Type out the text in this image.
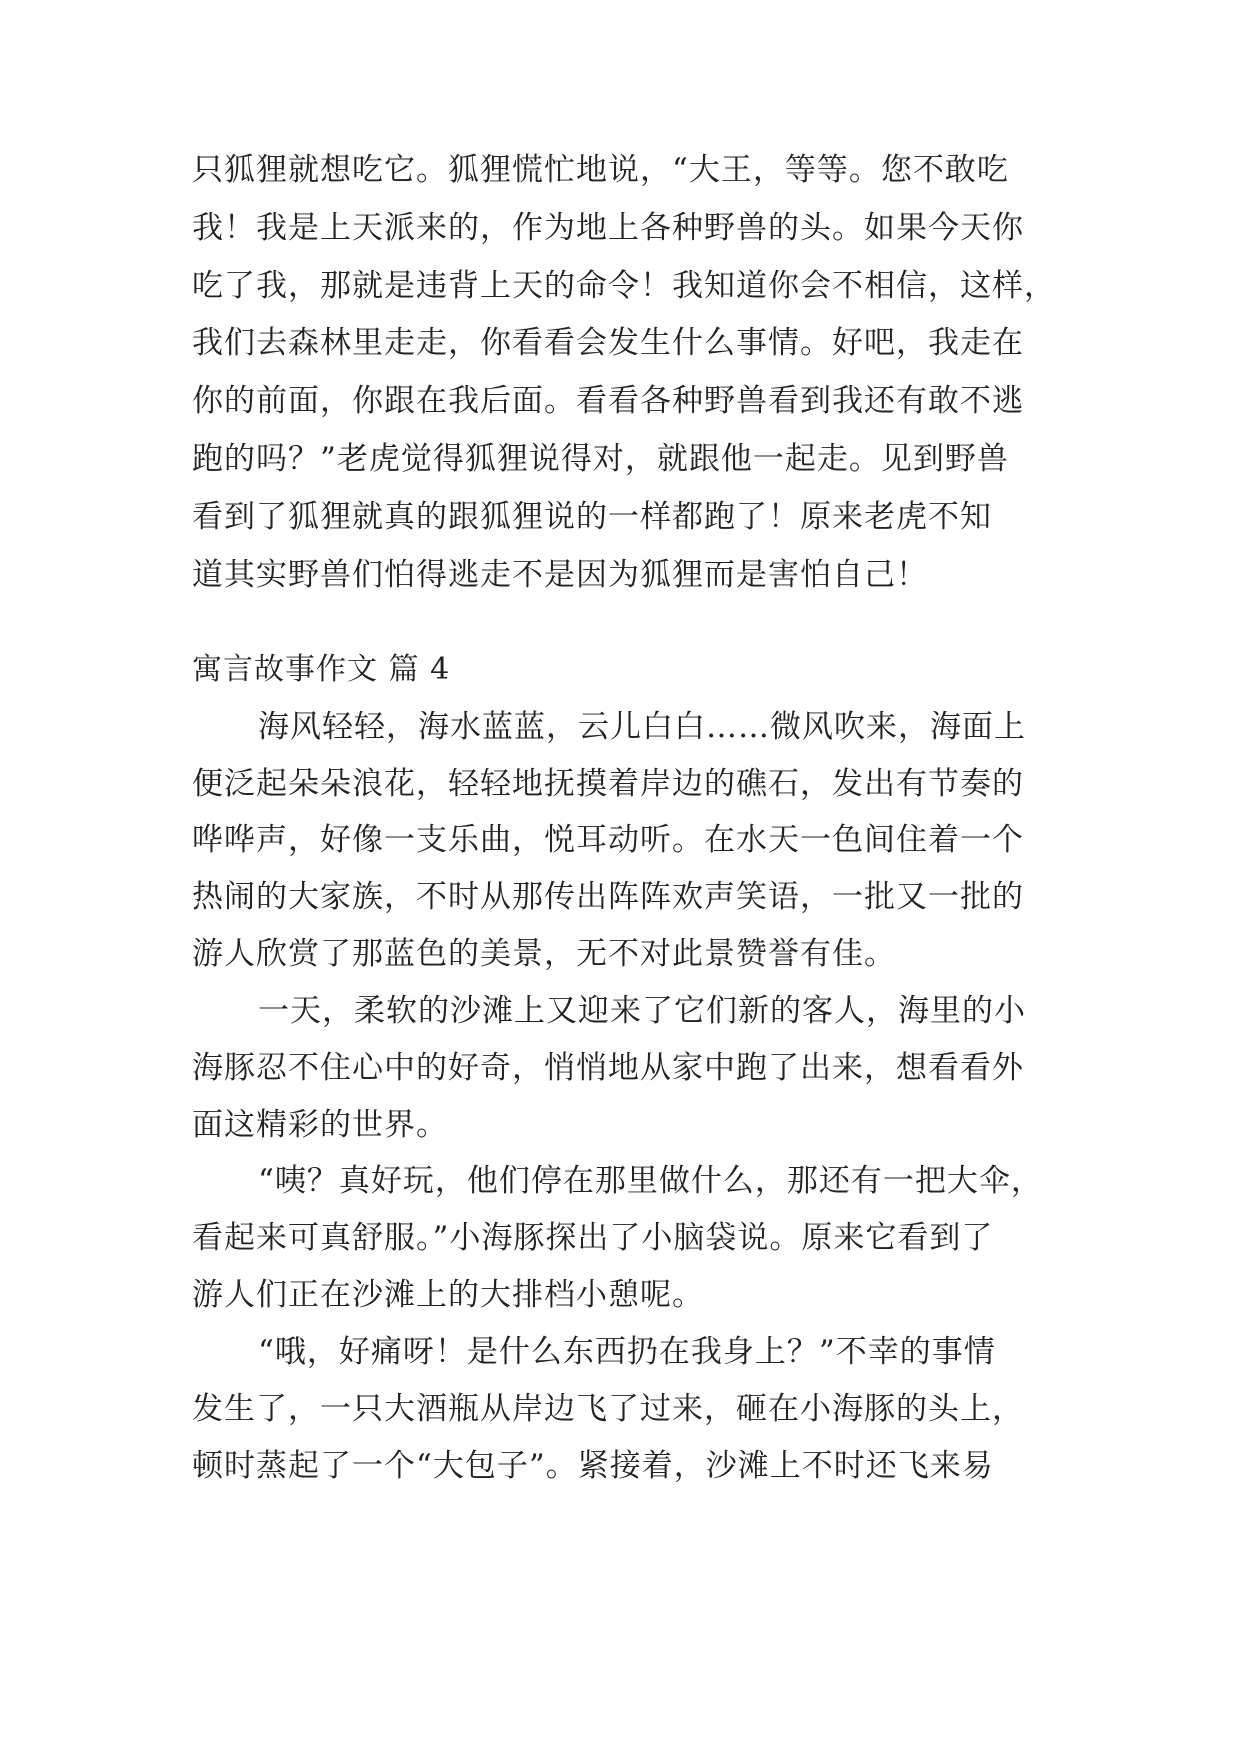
只狐狸就想吃它。狐狸慌忙地说，“大王，等等。您不敢吃
我！我是上天派来的，作为地上各种野兽的头。如果今天你
吃了我，那就是违背上天的命令！我知道你会不相信，这样，
我们去森林里走走，你看看会发生什么事情。好吧，我走在
你的前面，你跟在我后面。看看各种野兽看到我还有敢不逃
跑的吗？”老虎觉得狐狸说得对，就跟他一起走。见到野兽
看到了狐狸就真的跟狐狸说的一样都跑了！原来老虎不知
道其实野兽们怕得逃走不是因为狐狸而是害怕自己！
寓言故事作文 篇 4
海风轻轻，海水蓝蓝，云儿白白……微风吹来，海面上
便泛起朵朵浪花，轻轻地抚摸着岸边的礁石，发出有节奏的
哗哗声，好像一支乐曲，悦耳动听。在水天一色间住着一个
热闹的大家族，不时从那传出阵阵欢声笑语，一批又一批的
游人欣赏了那蓝色的美景，无不对此景赞誉有佳。
一天，柔软的沙滩上又迎来了它们新的客人，海里的小
海豚忍不住心中的好奇，悄悄地从家中跑了出来，想看看外
面这精彩的世界。
“咦？真好玩，他们停在那里做什么，那还有一把大伞，
看起来可真舒服。”小海豚探出了小脑袋说。原来它看到了
游人们正在沙滩上的大排档小憩呢。
“哦，好痛呀！是什么东西扔在我身上？”不幸的事情
发生了，一只大酒瓶从岸边飞了过来，砸在小海豚的头上，
顿时蒸起了一个“大包子”。紧接着，沙滩上不时还飞来易
